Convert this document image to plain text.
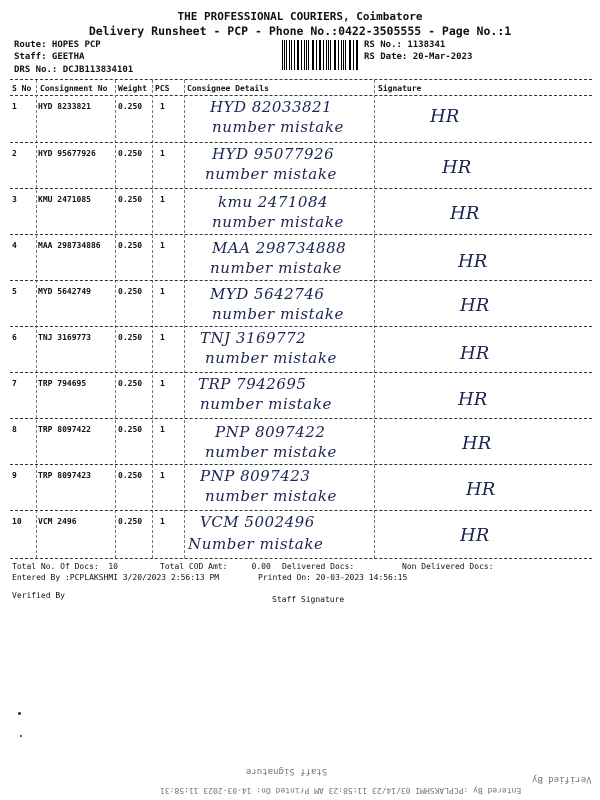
THE PROFESSIONAL COURIERS, Coimbatore
Delivery Runsheet - PCP - Phone No.:0422-3505555 - Page No.:1
Route: HOPES PCP
Staff: GEETHA
DRS No.: DCJB113834101
RS No.: 1138341
RS Date: 20-Mar-2023
S No Consignment No Weight PCS Consignee Details	Signature
1	HYD 8233821	0.250 1	HYD 82033821
number mistake	HR
2	HYD 95677926	0.250 1	HYD 95077926
number mistake	HR
3	KMU 2471085	0.250 1	kmu 2471084
number mistake	HR
4	MAA 298734886 0.250 1	MAA 298734888
number mistake	HR
5	MYD 5642749	0.250 1	MYD 5642746
number mistake	HR
6	TNJ 3169773	0.250 1 TNJ 3169772
number mistake	HR
7	TRP 794695	0.250 1 TRP 7942695
number mistake	HR
8	TRP 8097422	0.250 1	PNP 8097422
number mistake	HR
9	TRP 8097423	0.250 1 PNP 8097423
number mistake	HR
10 VCM 2496	0.250 1 VCM 5002496
Number mistake	HR
Total No. Of Docs:  10	Total COD Amt:     0.00 Delivered Docs:	Non Delivered Docs:
Entered By :PCPLAKSHMI 3/20/2023 2:56:13 PM	Printed On: 20-03-2023 14:56:15
Verified By	Staff Signature
Staff Signature
Verified By
Entered By :PCPLAKSHMI 03/14/23 11:58:23 AM Printed On: 14-03-2023 11:58:31
